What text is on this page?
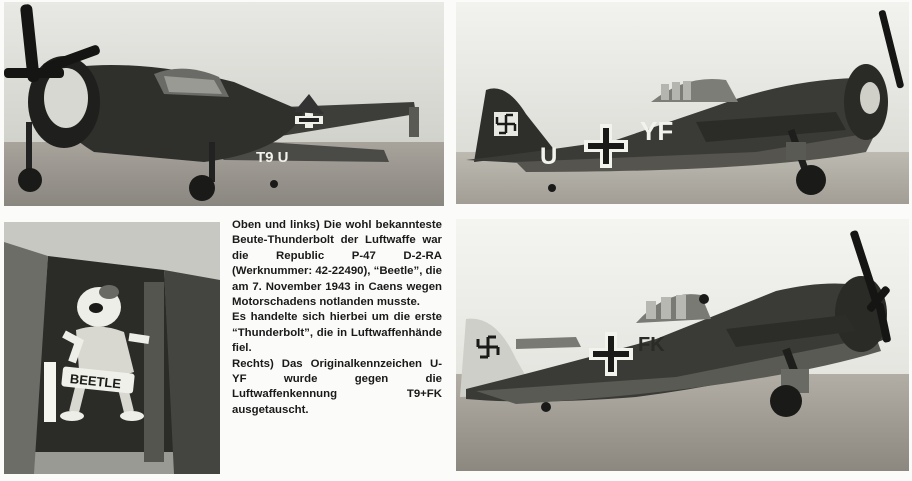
T9 U	U
YF
BEETLE

Oben und links) Die wohl bekannteste Beute-Thunderbolt der Luftwaffe war die Republic P-47 D-2-RA (Werknummer: 42-22490), “Beetle”, die am 7. November 1943 in Caens wegen Motorschadens notlanden musste.

Es handelte sich hierbei um die erste “Thunderbolt”, die in Luftwaffenhände fiel.

Rechts) Das Originalkennzeichen U-YF wurde gegen die Luftwaffenkennung T9+FK ausgetauscht.

FK
